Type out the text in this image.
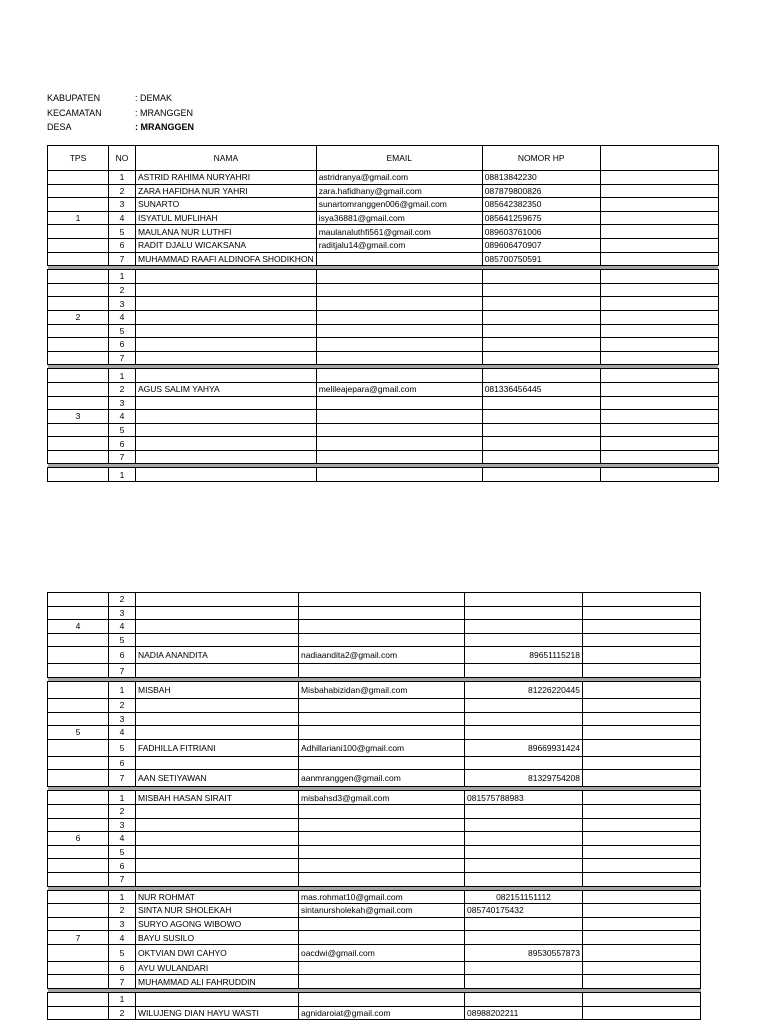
KABUPATEN	: DEMAK
KECAMATAN	: MRANGGEN
DESA	: MRANGGEN
TPS	NO	NAMA	EMAIL	NOMOR HP	
	1	ASTRID RAHIMA NURYAHRI	astridranya@gmail.com	08813842230	
	2	ZARA HAFIDHA NUR YAHRI	zara.hafidhany@gmail.com	087879800826	
	3	SUNARTO	sunartomranggen006@gmail.com	085642382350	
1	4	ISYATUL MUFLIHAH	isya36881@gmail.com	085641259675	
	5	MAULANA NUR LUTHFI	maulanaluthfi561@gmail.com	089603761006	
	6	RADIT DJALU WICAKSANA	raditjalu14@gmail.com	089606470907	
	7	MUHAMMAD RAAFI ALDINOFA SHODIKHON		085700750591	

	1				
	2				
	3				
2	4				
	5				
	6				
	7				

	1				
	2	AGUS SALIM YAHYA	melileajepara@gmail.com	081336456445	
	3				
3	4				
	5				
	6				
	7				

	1				
	2				
	3				
4	4				
	5				
	6	NADIA ANANDITA	nadiaandita2@gmail.com	89651115218	
	7				

	1	MISBAH	Misbahabizidan@gmail.com	81226220445	
	2				
	3				
5	4				
	5	FADHILLA FITRIANI	Adhillariani100@gmail.com	89669931424	
	6				
	7	AAN SETIYAWAN	aanmranggen@gmail.com	81329754208	

	1	MISBAH HASAN SIRAIT	misbahsd3@gmail.com	081575788983	
	2				
	3				
6	4				
	5				
	6				
	7				

	1	NUR ROHMAT	mas.rohmat10@gmail.com	082151151112	
	2	SINTA NUR SHOLEKAH	sintanursholekah@gmail.com	085740175432	
	3	SURYO AGONG WIBOWO			
7	4	BAYU SUSILO			
	5	OKTVIAN DWI CAHYO	oacdwi@gmail.com	89530557873	
	6	AYU WULANDARI			
	7	MUHAMMAD ALI FAHRUDDIN			

	1				
	2	WILUJENG DIAN HAYU WASTI	agnidaroiat@gmail.com	08988202211	
